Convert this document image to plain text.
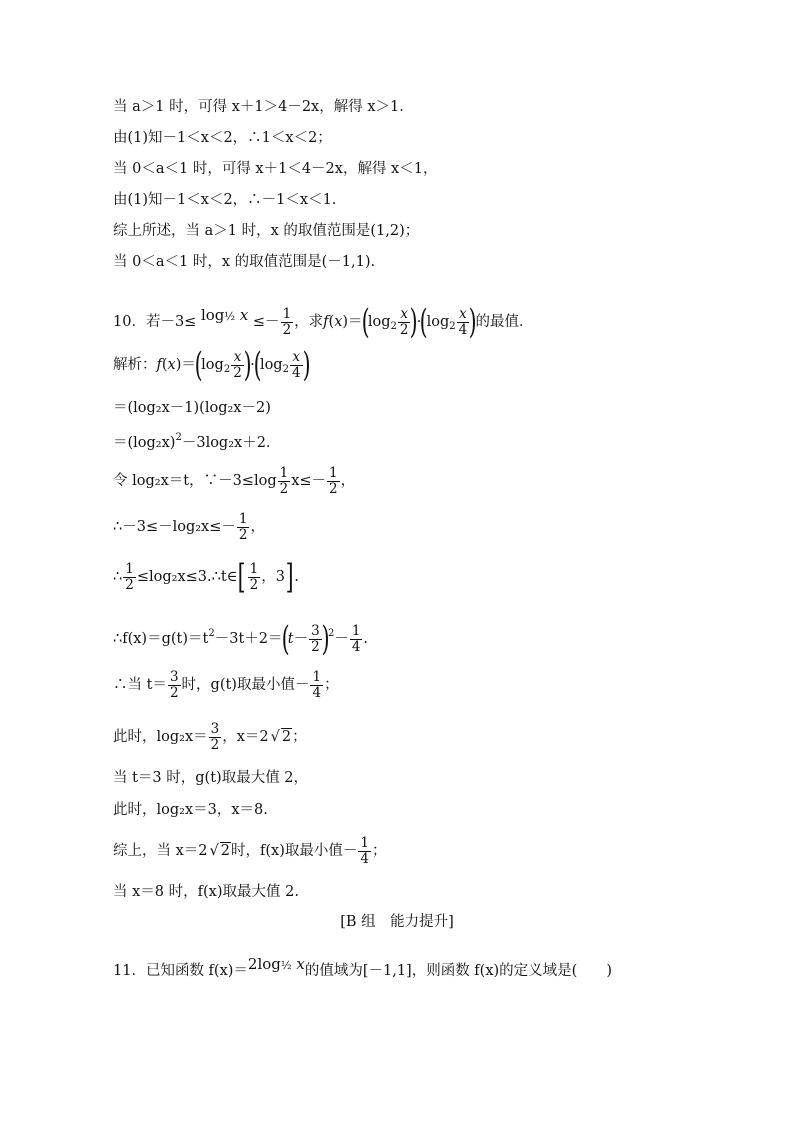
当 a＞1 时，可得 x＋1＞4－2x，解得 x＞1.
由(1)知－1＜x＜2，∴1＜x＜2；
当 0＜a＜1 时，可得 x＋1＜4－2x，解得 x＜1，
由(1)知－1＜x＜2，∴－1＜x＜1.
综上所述，当 a＞1 时，x 的取值范围是(1,2)；
当 0＜a＜1 时，x 的取值范围是(－1,1).
10．若－3≤ log½ $x \le- \frac{1}{2}$ ，求$f(x)=(\log_2 \frac{x}{2} )\cdot(\log_2 \frac{x}{4}$ )的最值．
解析：$f(x)=(\log_2 \frac{x}{2} )\cdot(\log_2 \frac{x}{4}$ )
＝(log₂x－1)(log₂x－2)
$=(\log_2x)^2-3\log_2x+2$.
令 log₂x＝t，∵－3≤log $\frac{1}{2} x\le- \frac{1}{2}$ ，
∴－3≤－log₂x≤－ $\frac{1}{2}$ ，
∴ $\frac{1}{2}$ ≤log₂x≤3.∴t∈[ $\frac{1}{2}$ ，3].
$\therefore f(x)=g(t)=t^2-3t+2=(t- \frac{3}{2} )^2- \frac{1}{4}$ .
∴当 $t= \frac{3}{2}$ 时，g(t)取最小值－ $\frac{1}{4}$ ；
此时，$\log_2x= \frac{3}{2}$ ，x＝2 √ 2；
当 t＝3 时，g(t)取最大值 2，
此时，log₂x＝3，x＝8.
综上，当 x＝2 √ 2时，f(x)取最小值－ $\frac{1}{4}$ ；
当 x＝8 时，f(x)取最大值 2.
[B 组　能力提升]
11．已知函数 f(x)＝2log½ x的值域为[－1,1]，则函数 f(x)的定义域是(　　)
